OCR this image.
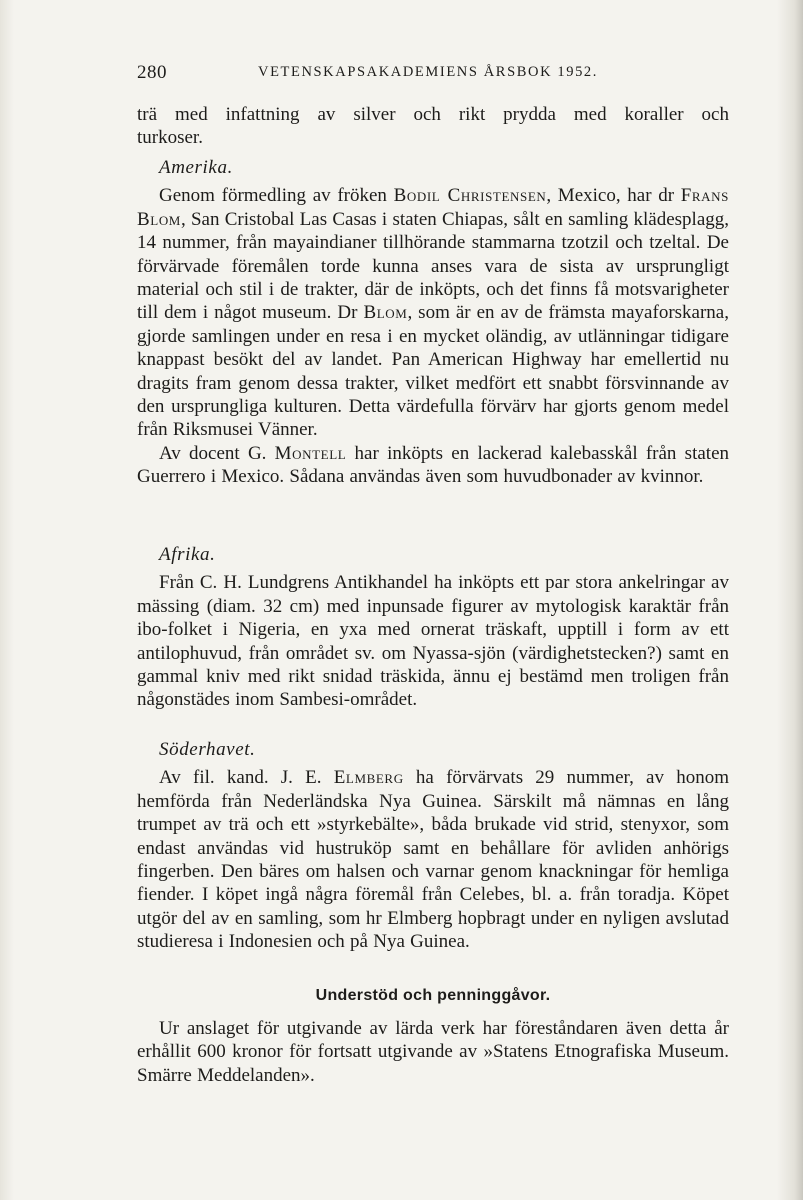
280	VETENSKAPSAKADEMIENS ÅRSBOK 1952.

trä med infattning av silver och rikt prydda med koraller och

turkoser.

Amerika.

Genom förmedling av fröken Bodil Christensen, Mexico, har dr Frans Blom, San Cristobal Las Casas i staten Chiapas, sålt en samling klädesplagg, 14 nummer, från mayaindianer tillhörande stammarna tzotzil och tzeltal. De förvärvade föremålen torde kunna anses vara de sista av ursprungligt material och stil i de trakter, där de inköpts, och det finns få motsvarigheter till dem i något museum. Dr Blom, som är en av de främsta mayaforskarna, gjorde samlingen under en resa i en mycket oländig, av utlänningar tidigare knappast besökt del av landet. Pan American Highway har emellertid nu dragits fram genom dessa trakter, vilket medfört ett snabbt försvinnande av den ursprungliga kulturen. Detta värdefulla förvärv har gjorts genom medel från Riksmusei Vänner.

Av docent G. Montell har inköpts en lackerad kalebasskål från staten Guerrero i Mexico. Sådana användas även som huvudbonader av kvinnor.

Afrika.

Från C. H. Lundgrens Antikhandel ha inköpts ett par stora ankelringar av mässing (diam. 32 cm) med inpunsade figurer av mytologisk karaktär från ibo-folket i Nigeria, en yxa med ornerat träskaft, upptill i form av ett antilophuvud, från området sv. om Nyassa-sjön (värdighetstecken?) samt en gammal kniv med rikt snidad träskida, ännu ej bestämd men troligen från någonstädes inom Sambesi-området.

Söderhavet.

Av fil. kand. J. E. Elmberg ha förvärvats 29 nummer, av honom hemförda från Nederländska Nya Guinea. Särskilt må nämnas en lång trumpet av trä och ett »styrkebälte», båda brukade vid strid, stenyxor, som endast användas vid hustruköp samt en behållare för avliden anhörigs fingerben. Den bäres om halsen och varnar genom knackningar för hemliga fiender. I köpet ingå några föremål från Celebes, bl. a. från toradja. Köpet utgör del av en samling, som hr Elmberg hopbragt under en nyligen avslutad studieresa i Indonesien och på Nya Guinea.

Understöd och penninggåvor.

Ur anslaget för utgivande av lärda verk har föreståndaren även detta år erhållit 600 kronor för fortsatt utgivande av »Statens Etnografiska Museum. Smärre Meddelanden».
